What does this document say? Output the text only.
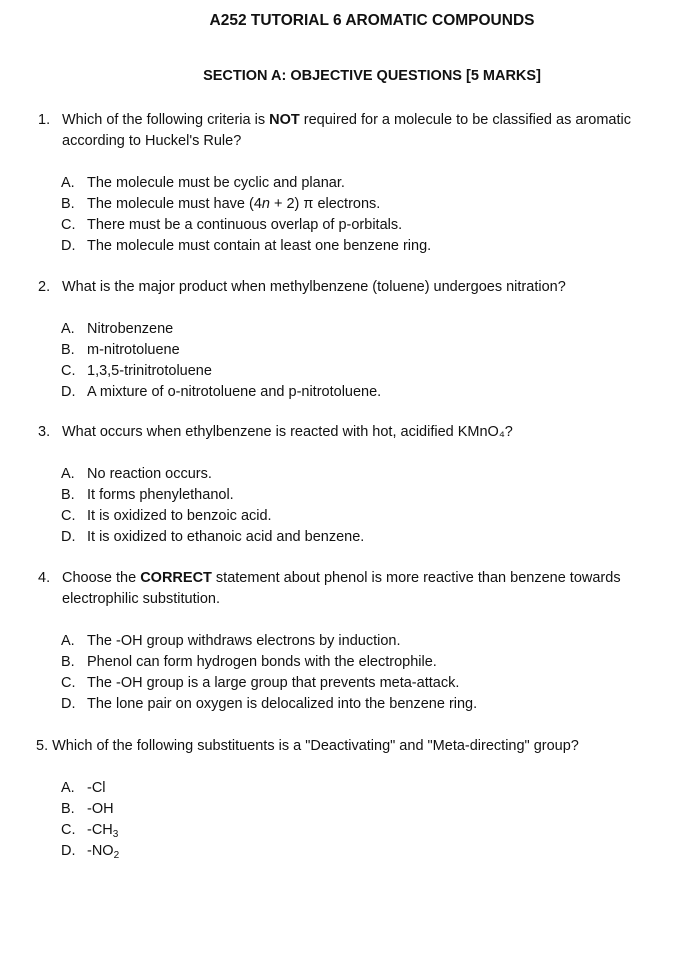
A252 TUTORIAL 6 AROMATIC COMPOUNDS
SECTION A: OBJECTIVE QUESTIONS [5 MARKS]
1. Which of the following criteria is NOT required for a molecule to be classified as aromatic according to Huckel's Rule?
A. The molecule must be cyclic and planar.
B. The molecule must have (4n + 2) π electrons.
C. There must be a continuous overlap of p-orbitals.
D. The molecule must contain at least one benzene ring.
2. What is the major product when methylbenzene (toluene) undergoes nitration?
A. Nitrobenzene
B. m-nitrotoluene
C. 1,3,5-trinitrotoluene
D. A mixture of o-nitrotoluene and p-nitrotoluene.
3. What occurs when ethylbenzene is reacted with hot, acidified KMnO₄?
A. No reaction occurs.
B. It forms phenylethanol.
C. It is oxidized to benzoic acid.
D. It is oxidized to ethanoic acid and benzene.
4. Choose the CORRECT statement about phenol is more reactive than benzene towards electrophilic substitution.
A. The -OH group withdraws electrons by induction.
B. Phenol can form hydrogen bonds with the electrophile.
C. The -OH group is a large group that prevents meta-attack.
D. The lone pair on oxygen is delocalized into the benzene ring.
5. Which of the following substituents is a "Deactivating" and "Meta-directing" group?
A. -Cl
B. -OH
C. $-CH_3$
D. $-NO_2$
